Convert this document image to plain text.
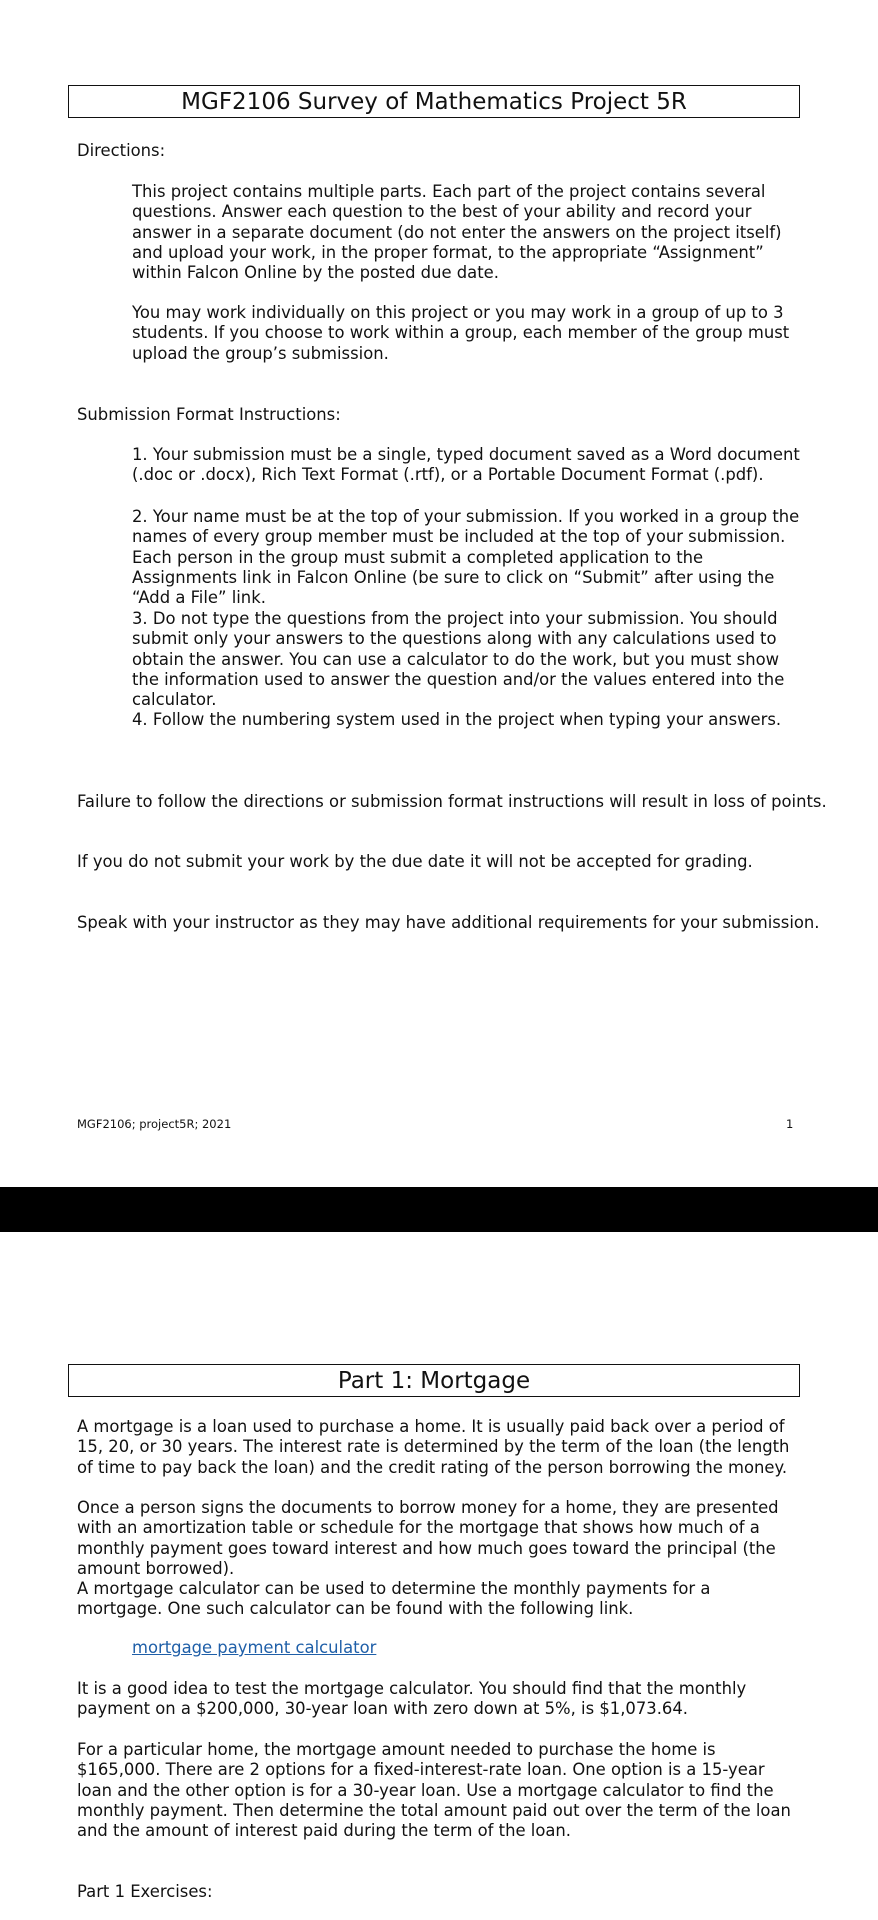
MGF2106 Survey of Mathematics Project 5R
Directions:
This project contains multiple parts. Each part of the project contains several questions. Answer each question to the best of your ability and record your answer in a separate document (do not enter the answers on the project itself) and upload your work, in the proper format, to the appropriate “Assignment” within Falcon Online by the posted due date.
You may work individually on this project or you may work in a group of up to 3 students. If you choose to work within a group, each member of the group must upload the group’s submission.
Submission Format Instructions:
1. Your submission must be a single, typed document saved as a Word document (.doc or .docx), Rich Text Format (.rtf), or a Portable Document Format (.pdf).
2. Your name must be at the top of your submission. If you worked in a group the names of every group member must be included at the top of your submission. Each person in the group must submit a completed application to the Assignments link in Falcon Online (be sure to click on “Submit” after using the “Add a File” link.
3. Do not type the questions from the project into your submission. You should submit only your answers to the questions along with any calculations used to obtain the answer. You can use a calculator to do the work, but you must show the information used to answer the question and/or the values entered into the calculator.
4. Follow the numbering system used in the project when typing your answers.
Failure to follow the directions or submission format instructions will result in loss of points.
If you do not submit your work by the due date it will not be accepted for grading.
Speak with your instructor as they may have additional requirements for your submission.
MGF2106; project5R; 2021	1
Part 1: Mortgage
A mortgage is a loan used to purchase a home. It is usually paid back over a period of 15, 20, or 30 years. The interest rate is determined by the term of the loan (the length of time to pay back the loan) and the credit rating of the person borrowing the money.
Once a person signs the documents to borrow money for a home, they are presented with an amortization table or schedule for the mortgage that shows how much of a monthly payment goes toward interest and how much goes toward the principal (the amount borrowed).
A mortgage calculator can be used to determine the monthly payments for a mortgage. One such calculator can be found with the following link.
mortgage payment calculator
It is a good idea to test the mortgage calculator. You should find that the monthly payment on a $200,000, 30-year loan with zero down at 5%, is $1,073.64.
For a particular home, the mortgage amount needed to purchase the home is $165,000. There are 2 options for a fixed-interest-rate loan. One option is a 15-year loan and the other option is for a 30-year loan. Use a mortgage calculator to find the monthly payment. Then determine the total amount paid out over the term of the loan and the amount of interest paid during the term of the loan.
Part 1 Exercises:
